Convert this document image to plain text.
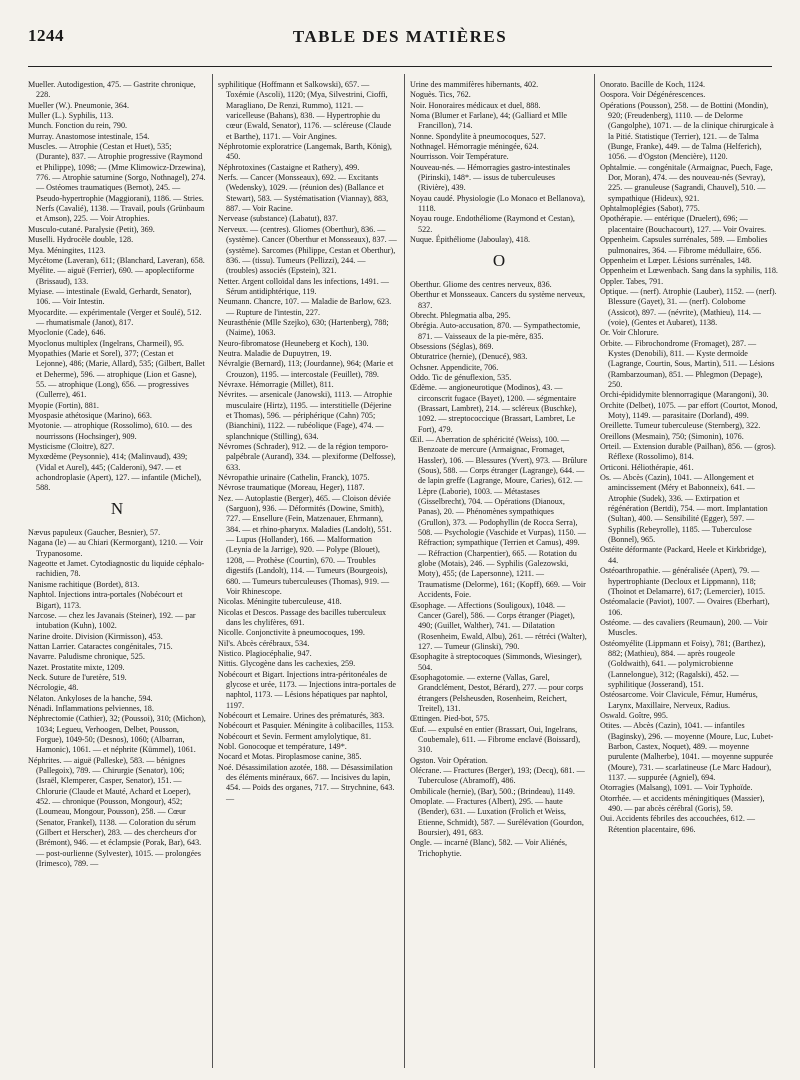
1244	TABLE DES MATIÈRES

Mueller. Autodigestion, 475. — Gastrite chronique, 228.

Mueller (W.). Pneumonie, 364.

Muller (L.). Syphilis, 113.

Munch. Fonction du rein, 790.

Murray. Anastomose intestinale, 154.

Muscles. — Atrophie (Cestan et Huet), 535; (Durante), 837. — Atrophie progressive (Raymond et Philippe), 1098; — (Mme Klimowicz-Drzewina), 776. — Atrophie saturnine (Sorgo, Nothnagel), 274. — Ostéomes traumatiques (Bernot), 245. — Pseudo-hypertrophie (Maggiorani), 1186. — Stries. Nerfs (Cavalié), 1138. — Travail, pouls (Grünbaum et Amson), 225. — Voir Atrophies.

Musculo-cutané. Paralysie (Petit), 369.

Muselli. Hydrocèle double, 128.

Mya. Méningites, 1123.

Mycétome (Laveran), 611; (Blanchard, Laveran), 658.

Myélite. — aiguë (Ferrier), 690. — apoplectiforme (Brissaud), 133.

Myiase. — intestinale (Ewald, Gerhardt, Senator), 106. — Voir Intestin.

Myocardite. — expérimentale (Verger et Soulé), 512. — rhumatismale (Janot), 817.

Myoclonie (Cade), 646.

Myoclonus multiplex (Ingelrans, Charmeil), 95.

Myopathies (Marie et Sorel), 377; (Cestan et Lejonne), 486; (Marie, Allard), 535; (Gilbert, Ballet et Deherme), 596. — atrophique (Lion et Gasne), 55. — atrophique (Long), 656. — progressives (Cullerre), 461.

Myopie (Fortin), 881.

Myospasie athétosique (Marino), 663.

Myotonie. — atrophique (Rossolimo), 610. — des nourrissons (Hochsinger), 909.

Mysticisme (Cloitre), 827.

Myxœdème (Peysonnie), 414; (Malinvaud), 439; (Vidal et Aurel), 445; (Calderoni), 947. — et achondroplasie (Apert), 127. — infantile (Michel), 588.

N

Nævus papuleux (Gaucher, Besnier), 57.

Nagana (le) — au Chiari (Kermorgant), 1210. — Voir Trypanosome.

Nageotte et Jamet. Cytodiagnostic du liquide céphalo-rachidien, 78.

Nanisme rachitique (Bordet), 813.

Naphtol. Injections intra-portales (Nobécourt et Bigart), 1173.

Narcose. — chez les Javanais (Steiner), 192. — par intubation (Kuhn), 1002.

Narine droite. Division (Kirmisson), 453.

Nattan Larrier. Cataractes congénitales, 715.

Navarre. Paludisme chronique, 525.

Nazet. Prostatite mixte, 1209.

Neck. Suture de l'uretère, 519.

Nécrologie, 48.

Nélaton. Ankyloses de la hanche, 594.

Nénadi. Inflammations pelviennes, 18.

Néphrectomie (Cathier), 32; (Poussoi), 310; (Michon), 1034; Legueu, Verhoogen, Delbet, Pousson, Forgue), 1049-50; (Desnos), 1060; (Albarran, Hamonic), 1061. — et néphrite (Kümmel), 1061.

Néphrites. — aiguë (Palleske), 583. — bénignes (Pallegoix), 789. — Chirurgie (Senator), 106; (Israël, Klemperer, Casper, Senator), 151. — Chlorurie (Claude et Mauté, Achard et Loeper), 452. — chronique (Pousson, Mongour), 452; (Loumeau, Mongour, Pousson), 258. — Cœur (Senator, Frankel), 1138. — Coloration du sérum (Gilbert et Herscher), 283. — des chercheurs d'or (Brémont), 946. — et éclampsie (Porak, Bar), 643. — post-ourlienne (Sylvester), 1015. — prolongées (Irimesco), 789. —

syphilitique (Hoffmann et Salkowski), 657. — Toxémie (Ascoli), 1120; (Mya, Silvestrini, Cioffi, Maragliano, De Renzi, Rummo), 1121. — varicelleuse (Bahans), 838. — Hypertrophie du cœur (Ewald, Senator), 1176. — scléreuse (Claude et Barthe), 1171. — Voir Angines.

Néphrotomie exploratrice (Langemak, Barth, König), 450.

Néphrotoxines (Castaigne et Rathery), 499.

Nerfs. — Cancer (Monsseaux), 692. — Excitants (Wedensky), 1029. — (réunion des) (Ballance et Stewart), 583. — Systématisation (Viannay), 883, 887. — Voir Racine.

Nervease (substance) (Labatut), 837.

Nerveux. — (centres). Gliomes (Oberthur), 836. — (système). Cancer (Oberthur et Monsseaux), 837. — (système). Sarcomes (Philippe, Cestan et Oberthur), 836. — (tissu). Tumeurs (Pellizzi), 244. — (troubles) associés (Epstein), 321.

Netter. Argent colloïdal dans les infections, 1491. — Sérum antidiphtérique, 119.

Neumann. Chancre, 107. — Maladie de Barlow, 623. — Rupture de l'intestin, 227.

Neurasthénie (Mlle Szejko), 630; (Hartenberg), 788; (Naime), 1063.

Neuro-fibromatose (Heuneberg et Koch), 130.

Neutra. Maladie de Dupuytren, 19.

Névralgie (Bernard), 113; (Jourdanne), 964; (Marie et Crouzon), 1195. — intercostale (Feuillet), 789.

Névraxe. Hémorragie (Millet), 811.

Névrites. — arsenicale (Janowski), 1113. — Atrophie musculaire (Hirtz), 1195. — interstitielle (Déjerine et Thomas), 596. — périphérique (Cahn) 705; (Bianchini), 1122. — rubéolique (Fage), 474. — splanchnique (Stilling), 634.

Névromes (Schrader), 912. — de la région temporo-palpébrale (Aurand), 334. — plexiforme (Delfosse), 633.

Névropathie urinaire (Cathelin, Franck), 1075.

Névrose traumatique (Moreau, Heger), 1187.

Nez. — Autoplastie (Berger), 465. — Cloison déviée (Sarguon), 936. — Déformités (Dowine, Smith), 727. — Ensellure (Fein, Matzenauer, Ehrmann), 384. — et rhino-pharynx. Maladies (Landolt), 551. — Lupus (Hollander), 166. — Malformation (Leynia de la Jarrige), 920. — Polype (Blouet), 1208, — Prothèse (Courtin), 670. — Troubles digestifs (Landolt), 114. — Tumeurs (Bourgeois), 680. — Tumeurs tuberculeuses (Thomas), 919. — Voir Rhinescope.

Nicolas. Méningite tuberculeuse, 418.

Nicolas et Descos. Passage des bacilles tuberculeux dans les chylifères, 691.

Nicolle. Conjonctivite à pneumocoques, 199.

Nil's. Abcès cérébraux, 534.

Nistico. Plagiocéphalie, 947.

Nittis. Glycogène dans les cachexies, 259.

Nobécourt et Bigart. Injections intra-péritonéales de glycose et urée, 1173. — Injections intra-portales de naphtol, 1173. — Lésions hépatiques par naphtol, 1197.

Nobécourt et Lemaire. Urines des prématurés, 383.

Nobécourt et Pasquier. Méningite à colibacilles, 1153.

Nobécourt et Sevin. Ferment amylolytique, 81.

Nobl. Gonocoque et température, 149*.

Nocard et Motas. Piroplasmose canine, 385.

Noé. Désassimilation azotée, 188. — Désassimilation des éléments minéraux, 667. — Incisives du lapin, 454. — Poids des organes, 717. — Strychnine, 643. —

Urine des mammifères hibernants, 402.

Noguès. Tics, 762.

Noir. Honoraires médicaux et duel, 888.

Noma (Blumer et Farlane), 44; (Galliard et Mlle Francillon), 714.

Nonne. Spondylite à pneumocoques, 527.

Nothnagel. Hémorragie méningée, 624.

Nourrisson. Voir Température.

Nouveau-nés. — Hémorragies gastro-intestinales (Pirinski), 148*. — issus de tuberculeuses (Rivière), 439.

Noyau caudé. Physiologie (Lo Monaco et Bellanova), 1118.

Noyau rouge. Endothéliome (Raymond et Cestan), 522.

Nuque. Épithéliome (Jaboulay), 418.

O

Oberthur. Gliome des centres nerveux, 836.

Oberthur et Monsseaux. Cancers du système nerveux, 837.

Obrecht. Phlegmatia alba, 295.

Obrégia. Auto-accusation, 870. — Sympathectomie, 871. — Vaisseaux de la pie-mère, 835.

Obsessions (Séglas), 869.

Obturatrice (hernie), (Denucé), 983.

Ochsner. Appendicite, 706.

Oddo. Tic de génuflexion, 535.

Œdème. — angioneurotique (Modinos), 43. — circonscrit fugace (Bayet), 1200. — ségmentaire (Brassart, Lambret), 214. — scléreux (Buschke), 1092. — streptococcique (Brassart, Lambret, Le Fort), 479.

Œil. — Aberration de sphéricité (Weiss), 100. — Benzoate de mercure (Armaignac, Fromaget, Hassler), 106. — Blessures (Yvert), 973. — Brûlure (Sous), 588. — Corps étranger (Lagrange), 644. — de lapin greffe (Lagrange, Moure, Caries), 612. — Lèpre (Laborie), 1003. — Métastases (Gisselbrecht), 704. — Opérations (Dianoux, Panas), 20. — Phénomènes sympathiques (Grullon), 373. — Podophyllin (de Rocca Serra), 508. — Psychologie (Vaschide et Vurpas), 1150. — Réfraction; sympathique (Terrien et Camus), 499. — Réfraction (Charpentier), 665. — Rotation du globe (Motais), 246. — Syphilis (Galezowski, Moty), 455; (de Lapersonne), 1211. — Traumatisme (Delorme), 161; (Kopff), 669. — Voir Accidents, Foie.

Œsophage. — Affections (Souligoux), 1048. — Cancer (Garel), 586. — Corps étranger (Piaget), 490; (Guillet, Walther), 741. — Dilatation (Rosenheim, Ewald, Albu), 261. — rétréci (Walter), 127. — Tumeur (Glinski), 790.

Œsophagite à streptocoques (Simmonds, Wiesinger), 504.

Œsophagotomie. — externe (Vallas, Garel, Grandclément, Destot, Bérard), 277. — pour corps étrangers (Pelsheusden, Rosenheim, Reichert, Treitel), 131.

Œttingen. Pied-bot, 575.

Œuf. — expulsé en entier (Brassart, Oui, Ingelrans, Coubemale), 611. — Fibrome enclavé (Boissard), 310.

Ogston. Voir Opération.

Olécrane. — Fractures (Berger), 193; (Decq), 681. — Tuberculose (Abramoff), 486.

Ombilicale (hernie), (Bar), 500.; (Brindeau), 1149.

Omoplate. — Fractures (Albert), 295. — haute (Bender), 631. — Luxation (Frolich et Weiss, Etienne, Schmidt), 587. — Surélévation (Gourdon, Boursier), 491, 683.

Ongle. — incarné (Blanc), 582. — Voir Aliénés, Trichophytie.

Onorato. Bacille de Koch, 1124.

Oospora. Voir Dégénérescences.

Opérations (Pousson), 258. — de Bottini (Mondin), 920; (Freudenberg), 1110. — de Delorme (Gangolphe), 1071. — de la clinique chirurgicale à la Pitié. Statistique (Terrier), 121. — de Talma (Bunge, Franke), 449. — de Talma (Helferich), 1056. — d'Ogston (Mencière), 1120.

Ophtalmie. — congénitale (Armaignac, Puech, Fage, Dor, Moran), 474. — des nouveau-nés (Sevray), 225. — granuleuse (Sagrandi, Chauvel), 510. — sympathique (Hideux), 921.

Ophtalmoplégies (Sabot), 775.

Opothérapie. — entérique (Druelert), 696; — placentaire (Bouchacourt), 127. — Voir Ovaires.

Oppenheim. Capsules surrénales, 589. — Embolies pulmonaires, 364. — Fibrome médullaire, 656.

Oppenheim et Lœper. Lésions surrénales, 148.

Oppenheim et Lœwenbach. Sang dans la syphilis, 118.

Oppler. Tabes, 791.

Optique. — (nerf). Atrophie (Lauber), 1152. — (nerf). Blessure (Gayet), 31. — (nerf). Colobome (Assicot), 897. — (névrite), (Mathieu), 114. — (voie), (Gentes et Aubaret), 1138.

Or. Voir Chlorure.

Orbite. — Fibrochondrome (Fromaget), 287. — Kystes (Denobili), 811. — Kyste dermoïde (Lagrange, Courtin, Sous, Martin), 511. — Lésions (Rambarzouman), 851. — Phlegmon (Depage), 250.

Orchi-épididymite blennorragique (Marangoni), 30.

Orchite (Delbet), 1075. — par effort (Courtot, Monod, Moty), 1149. — parasitaire (Dorland), 499.

Oreillette. Tumeur tuberculeuse (Sternberg), 322.

Oreillons (Mesmain), 750; (Simonin), 1076.

Orteil. — Extension durable (Pailhan), 856. — (gros). Réflexe (Rossolimo), 814.

Orticoni. Héliothérapie, 461.

Os. — Abcès (Cazin), 1041. — Allongement et amincissement (Méry et Babonneix), 641. — Atrophie (Sudek), 336. — Extirpation et régénération (Bertdi), 754. — mort. Implantation (Sultan), 400. — Sensibilité (Egger), 597. — Syphilis (Rebeyrolle), 1185. — Tuberculose (Bonnel), 965.

Ostéite déformante (Packard, Heele et Kirkbridge), 44.

Ostéoarthropathie. — généralisée (Apert), 79. — hypertrophiante (Decloux et Lippmann), 118; (Thoinot et Delamarre), 617; (Lemercier), 1015.

Ostéomalacie (Paviot), 1007. — Ovaires (Eberhart), 106.

Ostéome. — des cavaliers (Reumaun), 200. — Voir Muscles.

Ostéomyélite (Lippmann et Foisy), 781; (Barthez), 882; (Mathieu), 884. — après rougeole (Goldwaith), 641. — polymicrobienne (Lannelongue), 312; (Ragalski), 452. — syphilitique (Josserand), 151.

Ostéosarcome. Voir Clavicule, Fémur, Humérus, Larynx, Maxillaire, Nerveux, Radius.

Oswald. Goître, 995.

Otites. — Abcès (Cazin), 1041. — infantiles (Baginsky), 296. — moyenne (Moure, Luc, Lubet-Barbon, Castex, Noquet), 489. — moyenne purulente (Malherbe), 1041. — moyenne suppurée (Moure), 731. — scarlatineuse (Le Marc Hadour), 1137. — suppurée (Agniel), 694.

Otorragies (Malsang), 1091. — Voir Typhoïde.

Otorrhée. — et accidents méningitiques (Massier), 490. — par abcès cérébral (Goris), 59.

Oui. Accidents fébriles des accouchées, 612. — Rétention placentaire, 696.
